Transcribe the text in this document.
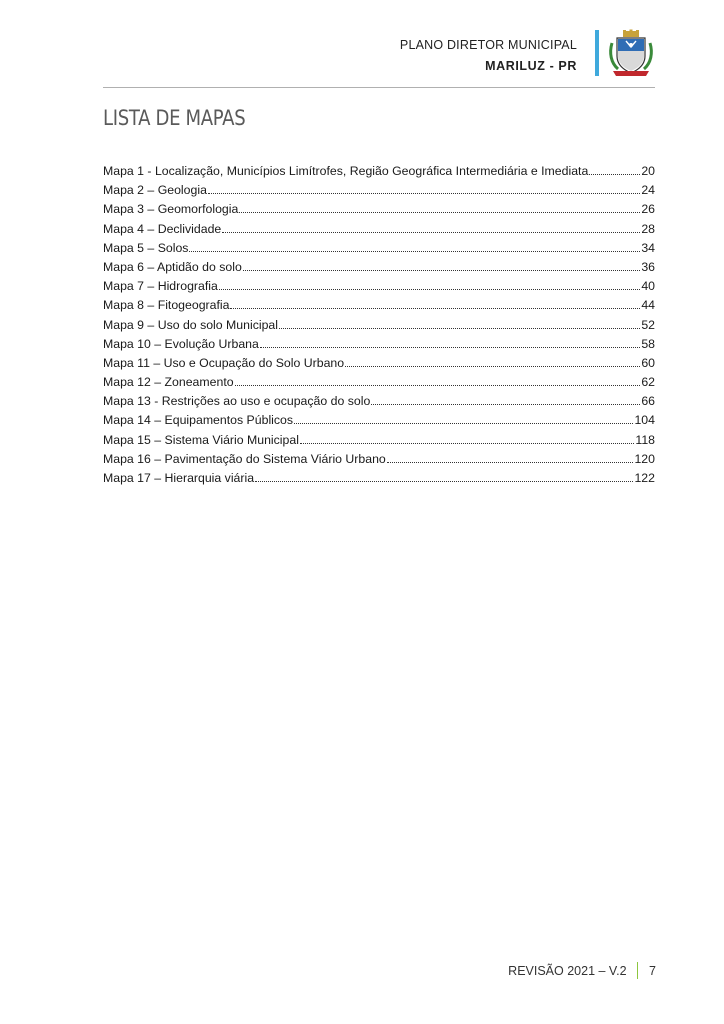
PLANO DIRETOR MUNICIPAL
MARILUZ - PR
LISTA DE MAPAS
Mapa 1 - Localização, Municípios Limítrofes, Região Geográfica Intermediária e Imediata	20
Mapa 2 – Geologia	24
Mapa 3 – Geomorfologia	26
Mapa 4 – Declividade	28
Mapa 5 – Solos	34
Mapa 6 – Aptidão do solo	36
Mapa 7 – Hidrografia	40
Mapa 8 – Fitogeografia	44
Mapa 9 – Uso do solo Municipal	52
Mapa 10 – Evolução Urbana	58
Mapa 11 – Uso e Ocupação do Solo Urbano	60
Mapa 12 – Zoneamento	62
Mapa 13 - Restrições ao uso e ocupação do solo	66
Mapa 14 – Equipamentos Públicos	104
Mapa 15 – Sistema Viário Municipal	118
Mapa 16 – Pavimentação do Sistema Viário Urbano	120
Mapa 17 – Hierarquia viária	122
REVISÃO 2021 – V.2 7
